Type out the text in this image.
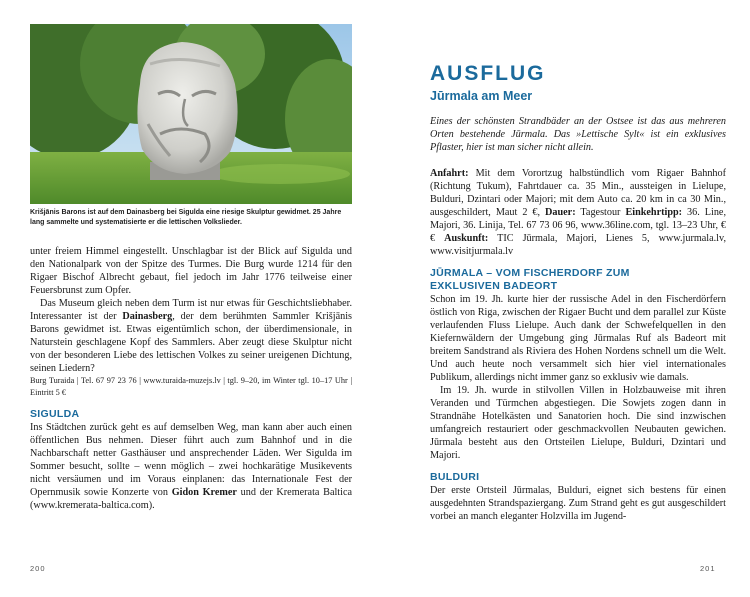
Krišjānis Barons ist auf dem Dainasberg bei Sigulda eine riesige Skulptur gewidmet. 25 Jahre lang sammelte und systematisierte er die lettischen Volkslieder.

unter freiem Himmel eingestellt. Unschlagbar ist der Blick auf Sigulda und den Nationalpark von der Spitze des Turmes. Die Burg wurde 1214 für den Rigaer Bischof Albrecht gebaut, fiel jedoch im Jahr 1776 teilweise einer Feuersbrunst zum Opfer.

Das Museum gleich neben dem Turm ist nur etwas für Geschichtsliebhaber. Interessanter ist der Dainasberg, der dem berühmten Sammler Krišjānis Barons gewidmet ist. Etwas eigentümlich schon, der überdimensionale, in Naturstein geschlagene Kopf des Sammlers. Aber zeugt diese Skulptur nicht von der besonderen Liebe des lettischen Volkes zu seiner ureigenen Dichtung, seinen Liedern?

Burg Turaida | Tel. 67 97 23 76 | www.turaida-muzejs.lv | tgl. 9–20, im Winter tgl. 10–17 Uhr | Eintritt 5 €

SIGULDA

Ins Städtchen zurück geht es auf demselben Weg, man kann aber auch einen öffentlichen Bus nehmen. Dieser führt auch zum Bahnhof und in die Nachbarschaft netter Gasthäuser und ansprechender Läden. Wer Sigulda im Sommer besucht, sollte – wenn möglich – zwei hochkarätige Musikevents nicht versäumen und im Voraus einplanen: das Internationale Fest der Opernmusik sowie Konzerte von Gidon Kremer und der Kremerata Baltica (www.kremerata-baltica.com).

200
AUSFLUG
Jūrmala am Meer
Eines der schönsten Strandbäder an der Ostsee ist das aus mehreren Orten bestehende Jūrmala. Das »Lettische Sylt« ist ein exklusives Pflaster, hier ist man sicher nicht allein.

Anfahrt: Mit dem Vorortzug halbstündlich vom Rigaer Bahnhof (Richtung Tukum), Fahrtdauer ca. 35 Min., aussteigen in Lielupe, Bulduri, Dzintari oder Majori; mit dem Auto ca. 20 km in ca 30 Min., ausgeschildert, Maut 2 €, Dauer: Tagestour Einkehrtipp: 36. Line, Majori, 36. Linija, Tel. 67 73 06 96, www.36line.com, tgl. 13–23 Uhr, €€ Auskunft: TIC Jūrmala, Majori, Lienes 5, www.jurmala.lv, www.visitjurmala.lv

JŪRMALA – VOM FISCHERDORF ZUM
EXKLUSIVEN BADEORT

Schon im 19. Jh. kurte hier der russische Adel in den Fischerdörfern östlich von Riga, zwischen der Rigaer Bucht und dem parallel zur Küste verlaufenden Fluss Lielupe. Auch dank der Schwefelquellen in den Kiefernwäldern der Umgebung ging Jūrmalas Ruf als Badeort mit breitem Sandstrand als Riviera des Hohen Nordens schnell um die Welt. Und auch heute noch versammelt sich hier viel internationales Publikum, allerdings nicht immer ganz so exklusiv wie damals.

Im 19. Jh. wurde in stilvollen Villen in Holzbauweise mit ihren Veranden und Türmchen abgestiegen. Die Sowjets zogen dann in Strandnähe Hotelkästen und Sanatorien hoch. Die sind inzwischen umfangreich restauriert oder geschmackvollen Neubauten gewichen. Jūrmala besteht aus den Ortsteilen Lielupe, Bulduri, Dzintari und Majori.

BULDURI

Der erste Ortsteil Jūrmalas, Bulduri, eignet sich bestens für einen ausgedehnten Strandspaziergang. Zum Strand geht es gut ausgeschildert vorbei an manch eleganter Holzvilla im Jugend-

201
